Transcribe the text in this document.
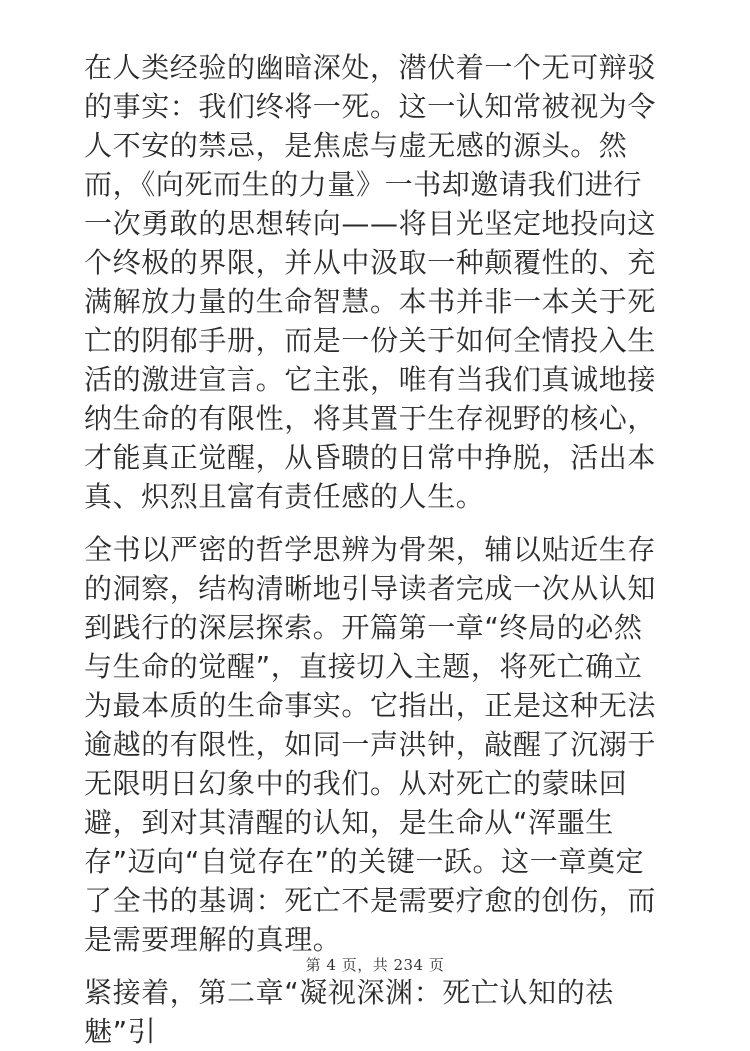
在人类经验的幽暗深处，潜伏着一个无可辩驳的事实：我们终将一死。这一认知常被视为令人不安的禁忌，是焦虑与虚无感的源头。然而，《向死而生的力量》一书却邀请我们进行一次勇敢的思想转向——将目光坚定地投向这个终极的界限，并从中汲取一种颠覆性的、充满解放力量的生命智慧。本书并非一本关于死亡的阴郁手册，而是一份关于如何全情投入生活的激进宣言。它主张，唯有当我们真诚地接纳生命的有限性，将其置于生存视野的核心，才能真正觉醒，从昏聩的日常中挣脱，活出本真、炽烈且富有责任感的人生。

全书以严密的哲学思辨为骨架，辅以贴近生存的洞察，结构清晰地引导读者完成一次从认知到践行的深层探索。开篇第一章“终局的必然与生命的觉醒”，直接切入主题，将死亡确立为最本质的生命事实。它指出，正是这种无法逾越的有限性，如同一声洪钟，敲醒了沉溺于无限明日幻象中的我们。从对死亡的蒙昧回避，到对其清醒的认知，是生命从“浑噩生存”迈向“自觉存在”的关键一跃。这一章奠定了全书的基调：死亡不是需要疗愈的创伤，而是需要理解的真理。

紧接着，第二章“凝视深渊：死亡认知的祛魅”引

第 4 页，共 234 页
